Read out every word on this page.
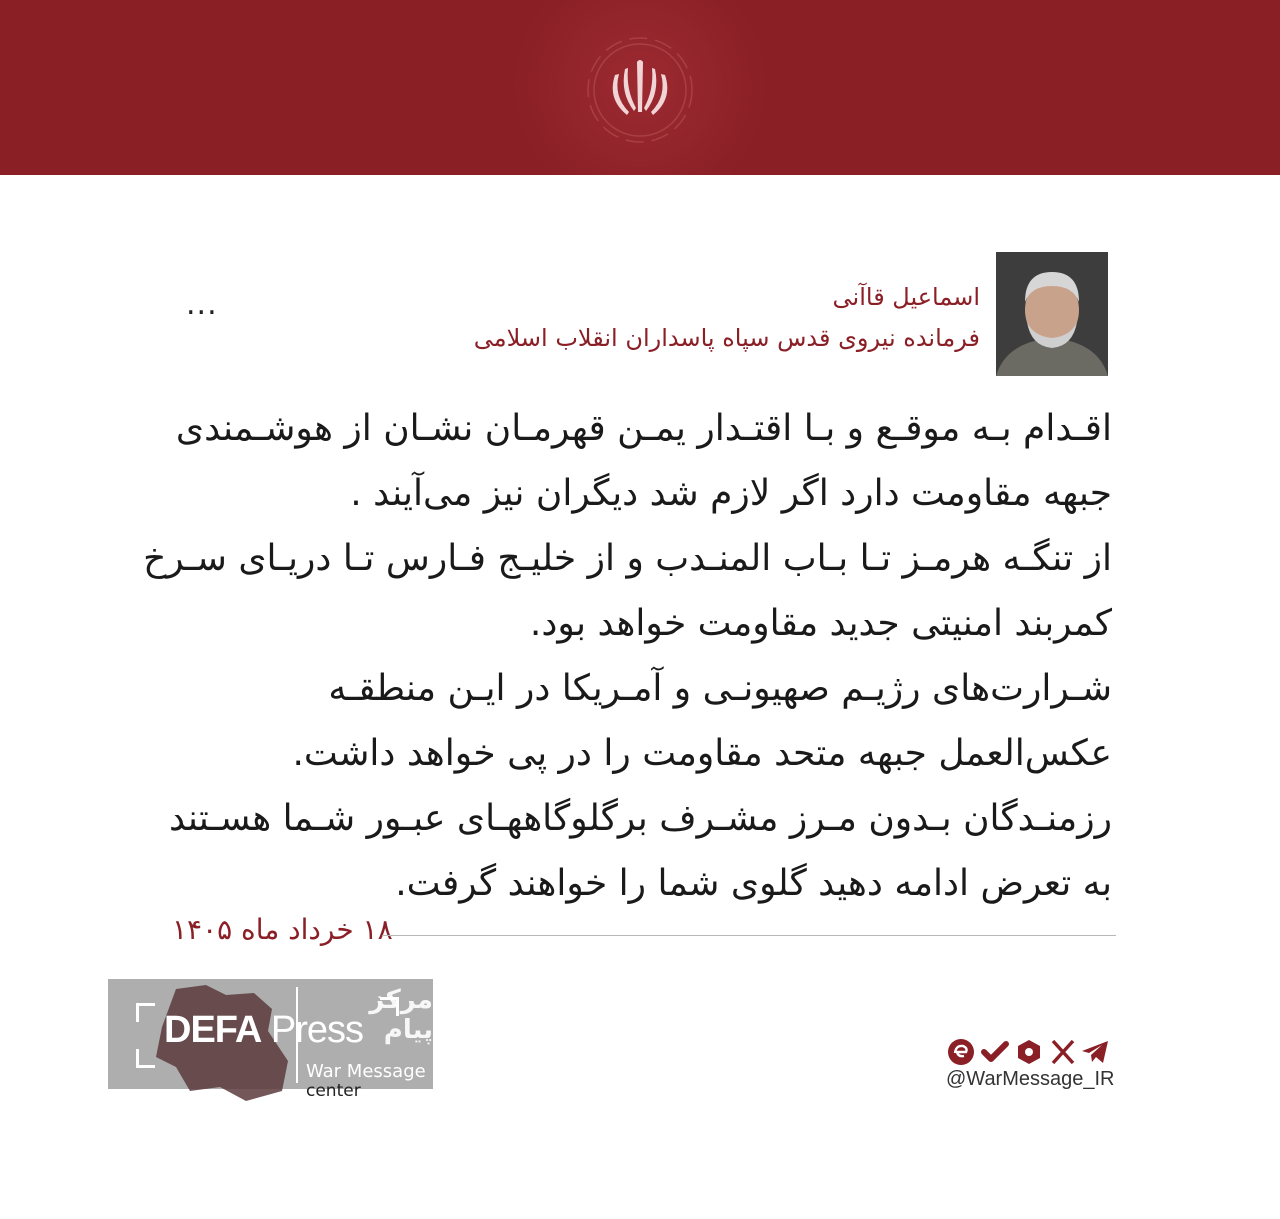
اسماعیل قاآنی
فرمانده نیروی قدس سپاه پاسداران انقلاب اسلامی
...
اقـدام بـه موقـع و بـا اقتـدار یمـن قهرمـان نشـان از هوشـمندی
جبهه مقاومت دارد اگر لازم شد دیگران نیز می‌آیند .
از تنگـه هرمـز تـا بـاب المنـدب و از خلیـج فـارس تـا دریـای سـرخ
کمربند امنیتی جدید مقاومت خواهد بود.
شـرارت‌های رژیـم صهیونـی و آمـریکا در ایـن منطقـه
عکس‌العمل جبهه متحد مقاومت را در پی خواهد داشت.
رزمنـدگان بـدون مـرز مشـرف برگلوگاههـای عبـور شـما هسـتند
به تعرض ادامه دهید گلوی شما را خواهند گرفت.
۱۸ خرداد ماه ۱۴۰۵
مرکز پیام
DEFA Press
War Message
center
@WarMessage_IR
